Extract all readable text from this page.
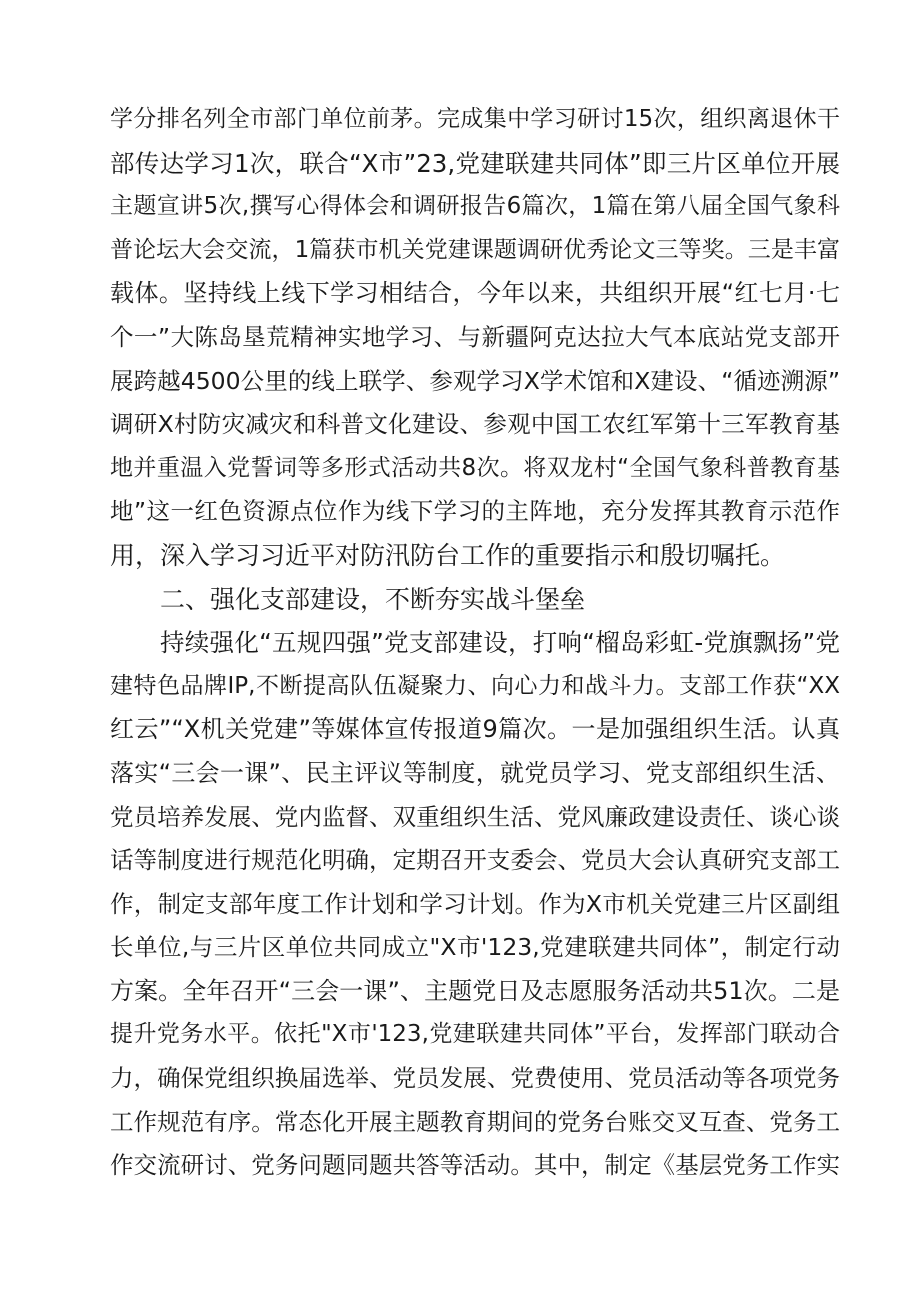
学分排名列全市部门单位前茅。完成集中学习研讨15次，组织离退休干
部传达学习1次，联合“X市”23,党建联建共同体”即三片区单位开展
主题宣讲5次,撰写心得体会和调研报告6篇次，1篇在第八届全国气象科
普论坛大会交流，1篇获市机关党建课题调研优秀论文三等奖。三是丰富
载体。坚持线上线下学习相结合，今年以来，共组织开展“红七月·七
个一”大陈岛垦荒精神实地学习、与新疆阿克达拉大气本底站党支部开
展跨越4500公里的线上联学、参观学习X学术馆和X建设、“循迹溯源”
调研X村防灾减灾和科普文化建设、参观中国工农红军第十三军教育基
地并重温入党誓词等多形式活动共8次。将双龙村“全国气象科普教育基
地”这一红色资源点位作为线下学习的主阵地，充分发挥其教育示范作
用，深入学习习近平对防汛防台工作的重要指示和殷切嘱托。
二、强化支部建设，不断夯实战斗堡垒
持续强化“五规四强”党支部建设，打响“榴岛彩虹-党旗飘扬”党
建特色品牌IP,不断提高队伍凝聚力、向心力和战斗力。支部工作获“XX
红云”“X机关党建”等媒体宣传报道9篇次。一是加强组织生活。认真
落实“三会一课”、民主评议等制度，就党员学习、党支部组织生活、
党员培养发展、党内监督、双重组织生活、党风廉政建设责任、谈心谈
话等制度进行规范化明确，定期召开支委会、党员大会认真研究支部工
作，制定支部年度工作计划和学习计划。作为X市机关党建三片区副组
长单位,与三片区单位共同成立"X市'123,党建联建共同体”，制定行动
方案。全年召开“三会一课”、主题党日及志愿服务活动共51次。二是
提升党务水平。依托"X市'123,党建联建共同体”平台，发挥部门联动合
力，确保党组织换届选举、党员发展、党费使用、党员活动等各项党务
工作规范有序。常态化开展主题教育期间的党务台账交叉互查、党务工
作交流研讨、党务问题同题共答等活动。其中，制定《基层党务工作实
